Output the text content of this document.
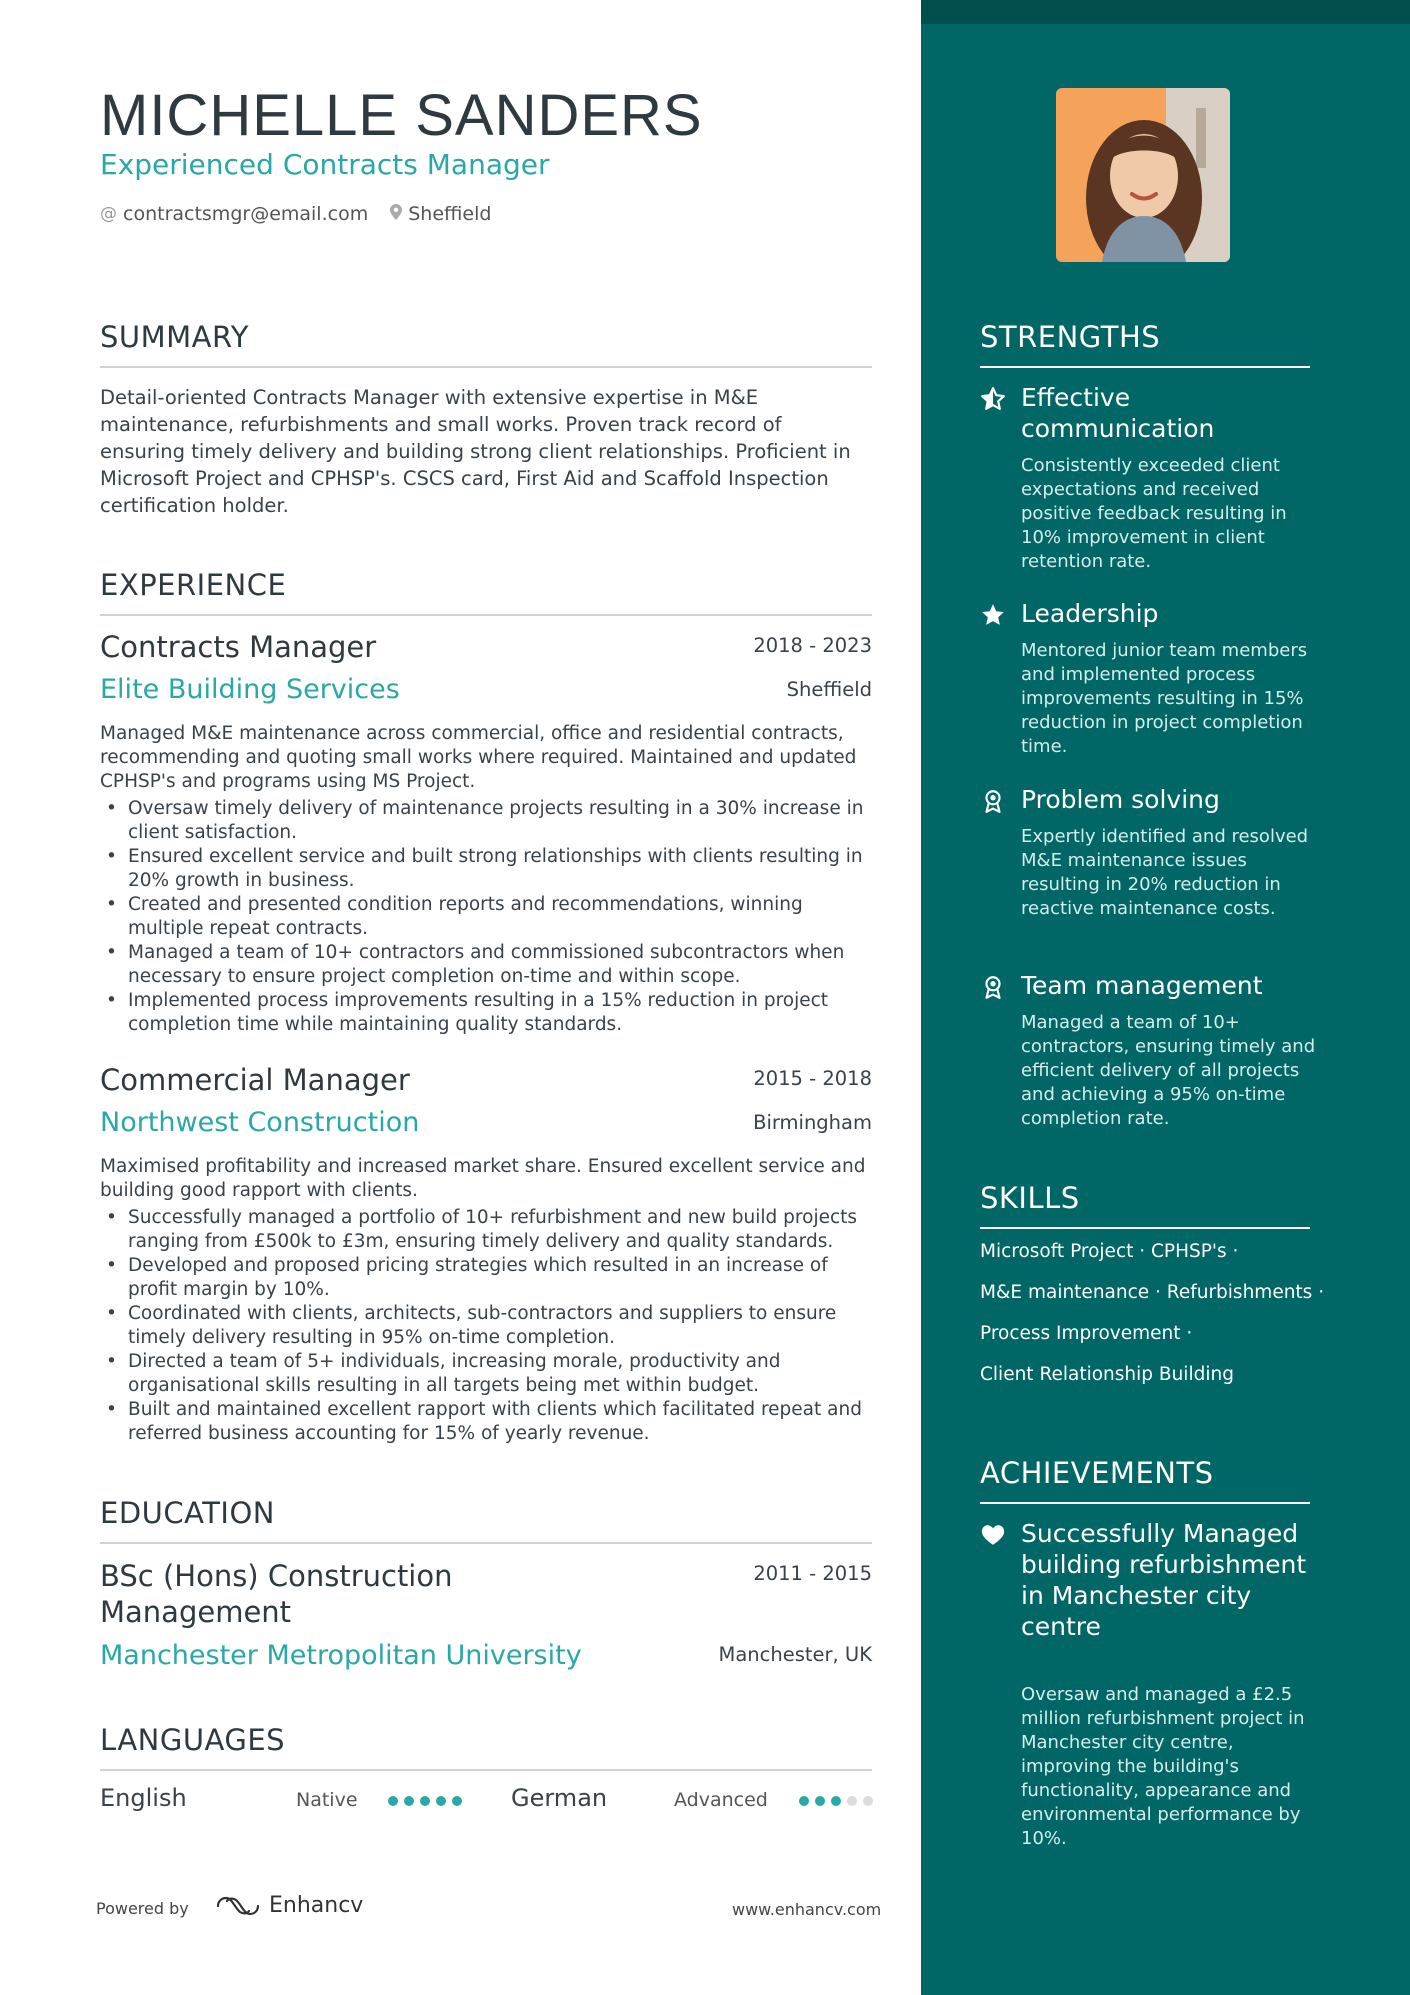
MICHELLE SANDERS
Experienced Contracts Manager
@ contractsmgr@email.com Sheffield
SUMMARY

Detail-oriented Contracts Manager with extensive expertise in M&E maintenance, refurbishments and small works. Proven track record of ensuring timely delivery and building strong client relationships. Proficient in Microsoft Project and CPHSP's. CSCS card, First Aid and Scaffold Inspection certification holder.

EXPERIENCE
Contracts Manager	2018 - 2023
Elite Building Services	Sheffield

Managed M&E maintenance across commercial, office and residential contracts, recommending and quoting small works where required. Maintained and updated CPHSP's and programs using MS Project.

• Oversaw timely delivery of maintenance projects resulting in a 30% increase in client satisfaction.
• Ensured excellent service and built strong relationships with clients resulting in 20% growth in business.
• Created and presented condition reports and recommendations, winning multiple repeat contracts.
• Managed a team of 10+ contractors and commissioned subcontractors when necessary to ensure project completion on-time and within scope.
• Implemented process improvements resulting in a 15% reduction in project completion time while maintaining quality standards.
Commercial Manager	2015 - 2018
Northwest Construction	Birmingham

Maximised profitability and increased market share. Ensured excellent service and building good rapport with clients.

• Successfully managed a portfolio of 10+ refurbishment and new build projects ranging from £500k to £3m, ensuring timely delivery and quality standards.
• Developed and proposed pricing strategies which resulted in an increase of profit margin by 10%.
• Coordinated with clients, architects, sub-contractors and suppliers to ensure timely delivery resulting in 95% on-time completion.
• Directed a team of 5+ individuals, increasing morale, productivity and organisational skills resulting in all targets being met within budget.
• Built and maintained excellent rapport with clients which facilitated repeat and referred business accounting for 15% of yearly revenue.
EDUCATION
BSc (Hons) Construction
Management
2011 - 2015
Manchester Metropolitan University	Manchester, UK
LANGUAGES
English	Native	German	Advanced
Powered by	Enhancv	www.enhancv.com
STRENGTHS
Effective
communication

Consistently exceeded client expectations and received positive feedback resulting in 10% improvement in client retention rate.

Leadership

Mentored junior team members and implemented process improvements resulting in 15% reduction in project completion time.

Problem solving

Expertly identified and resolved M&E maintenance issues resulting in 20% reduction in reactive maintenance costs.

Team management

Managed a team of 10+ contractors, ensuring timely and efficient delivery of all projects and achieving a 95% on-time completion rate.

SKILLS
Microsoft Project · CPHSP's ·
M&E maintenance · Refurbishments ·
Process Improvement ·
Client Relationship Building
ACHIEVEMENTS
Successfully Managed building refurbishment in Manchester city centre

Oversaw and managed a £2.5 million refurbishment project in Manchester city centre, improving the building's functionality, appearance and environmental performance by 10%.
